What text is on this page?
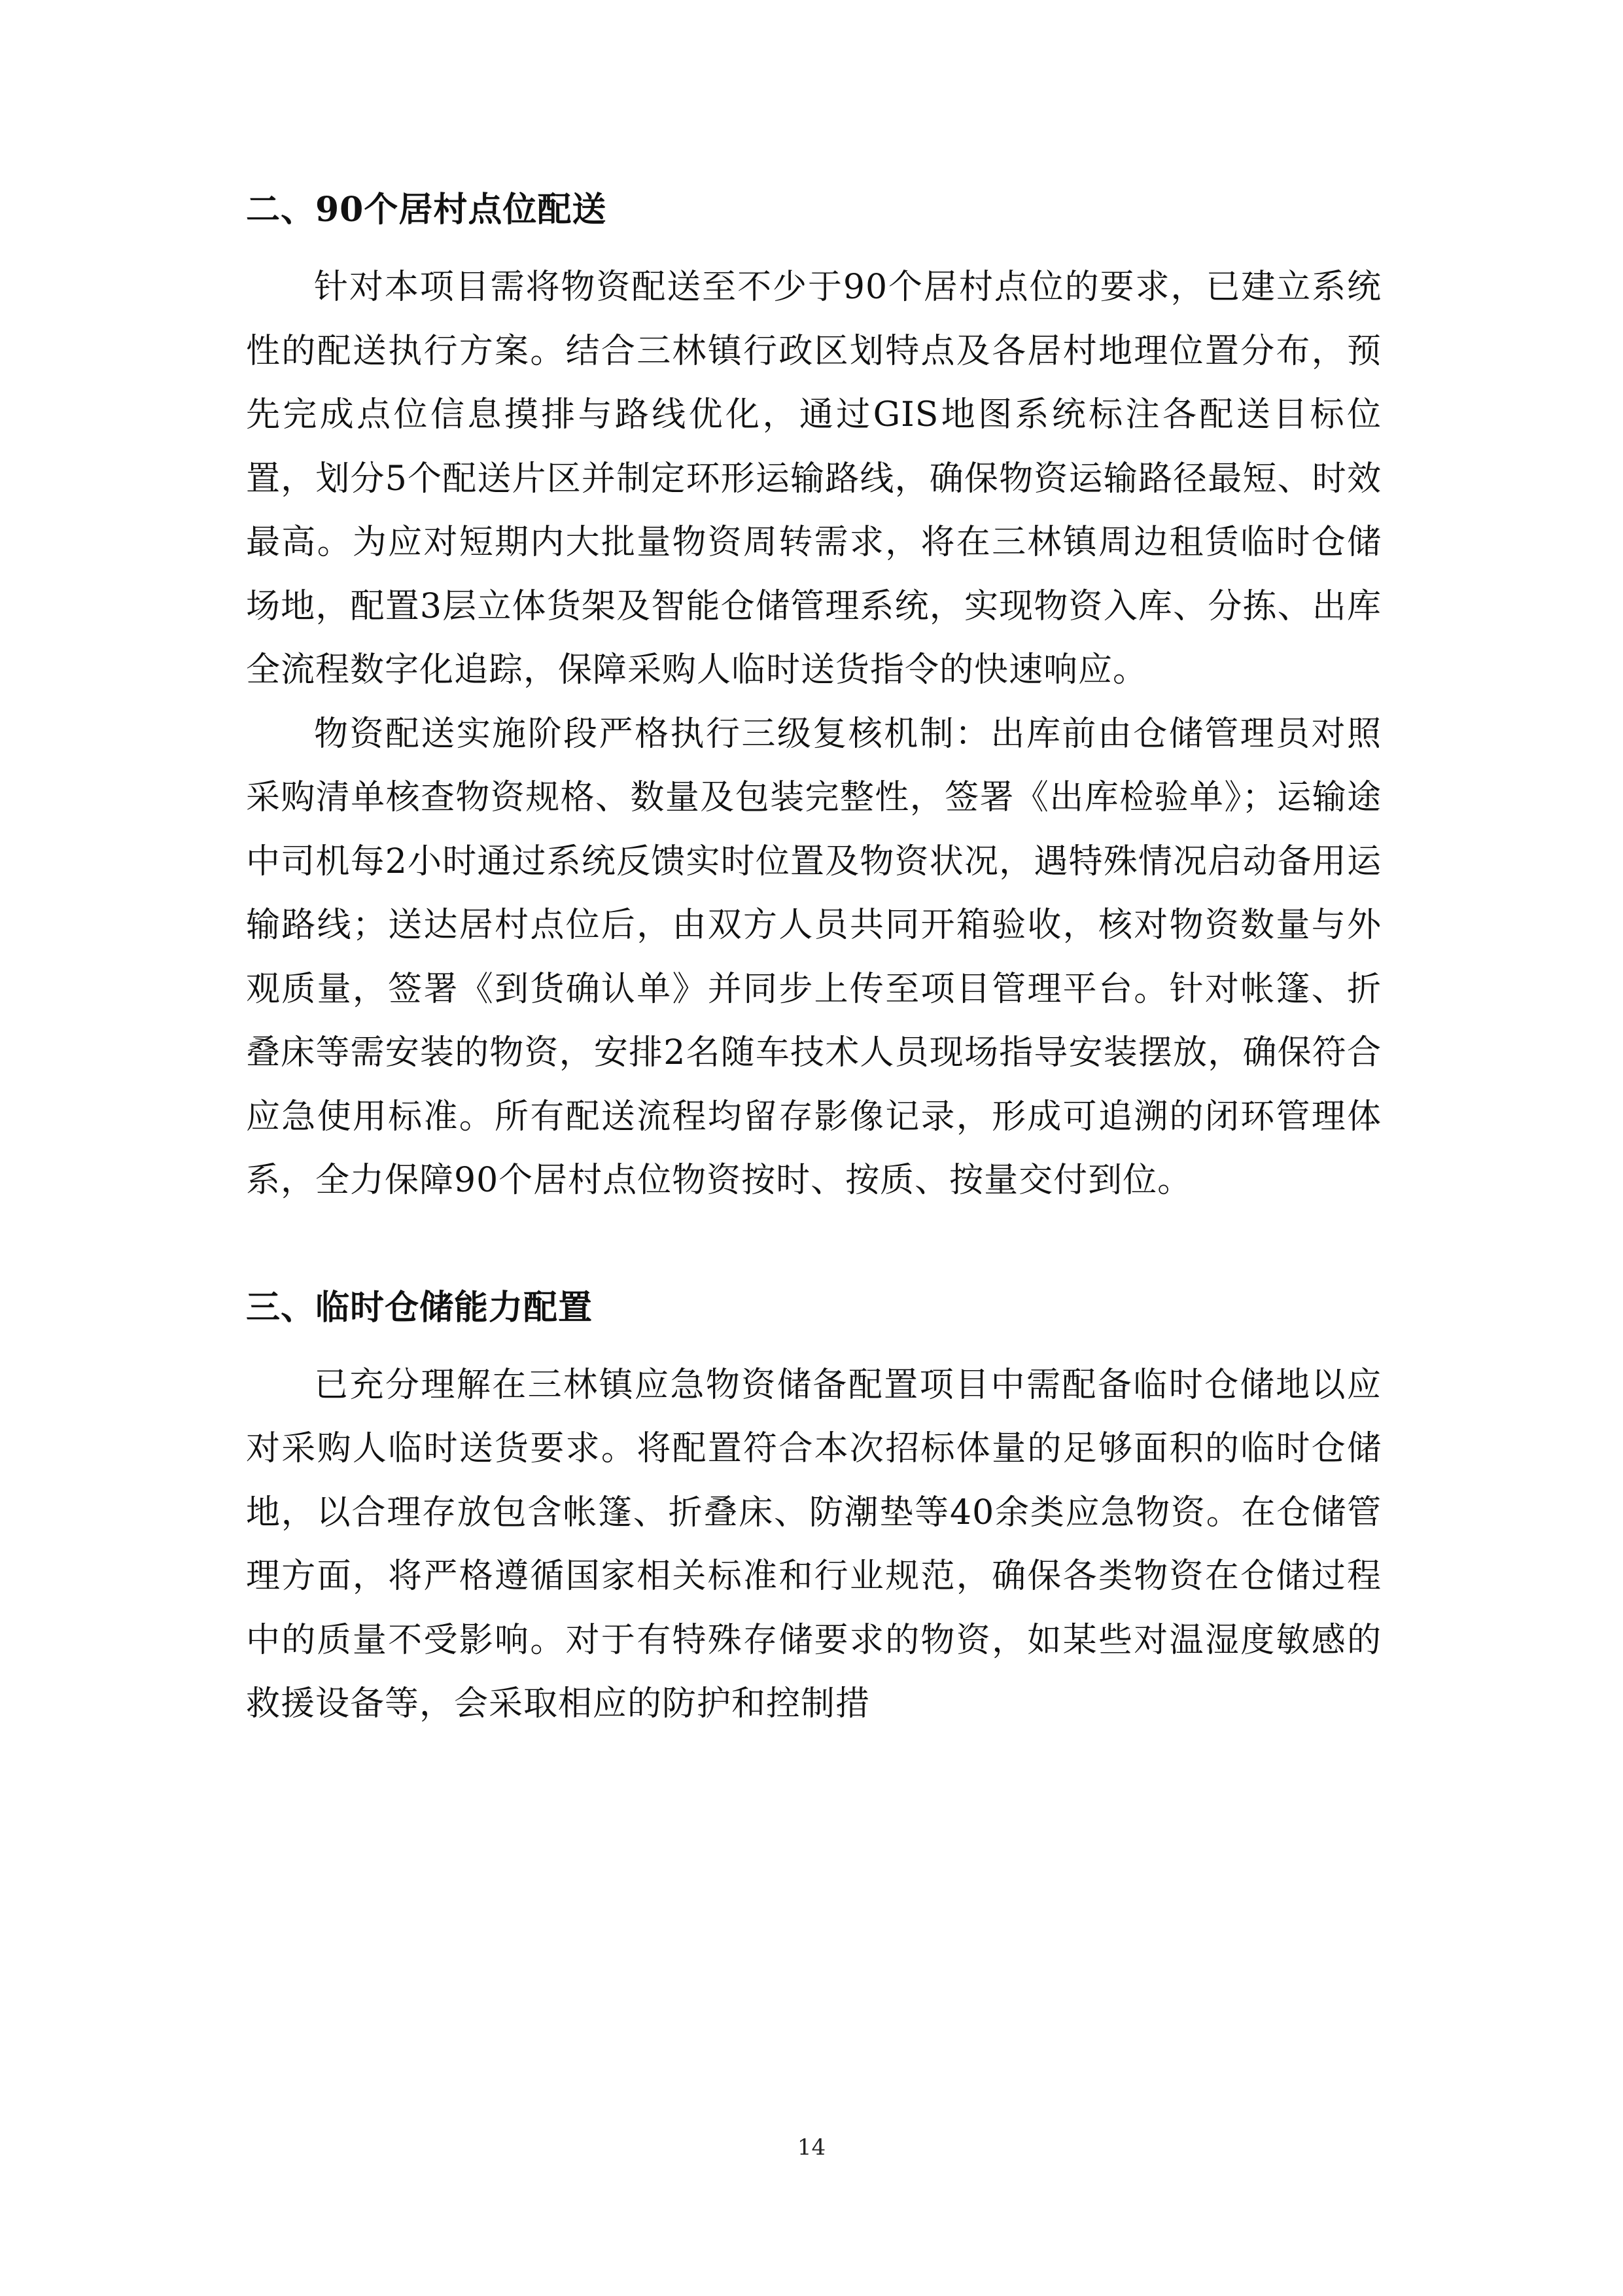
二、90个居村点位配送

针对本项目需将物资配送至不少于90个居村点位的要求，已建立系统性的配送执行方案。结合三林镇行政区划特点及各居村地理位置分布，预先完成点位信息摸排与路线优化，通过GIS地图系统标注各配送目标位置，划分5个配送片区并制定环形运输路线，确保物资运输路径最短、时效最高。为应对短期内大批量物资周转需求，将在三林镇周边租赁临时仓储场地，配置3层立体货架及智能仓储管理系统，实现物资入库、分拣、出库全流程数字化追踪，保障采购人临时送货指令的快速响应。

物资配送实施阶段严格执行三级复核机制：出库前由仓储管理员对照采购清单核查物资规格、数量及包装完整性，签署《出库检验单》；运输途中司机每2小时通过系统反馈实时位置及物资状况，遇特殊情况启动备用运输路线；送达居村点位后，由双方人员共同开箱验收，核对物资数量与外观质量，签署《到货确认单》并同步上传至项目管理平台。针对帐篷、折叠床等需安装的物资，安排2名随车技术人员现场指导安装摆放，确保符合应急使用标准。所有配送流程均留存影像记录，形成可追溯的闭环管理体系，全力保障90个居村点位物资按时、按质、按量交付到位。

三、临时仓储能力配置

已充分理解在三林镇应急物资储备配置项目中需配备临时仓储地以应对采购人临时送货要求。将配置符合本次招标体量的足够面积的临时仓储地，以合理存放包含帐篷、折叠床、防潮垫等40余类应急物资。在仓储管理方面，将严格遵循国家相关标准和行业规范，确保各类物资在仓储过程中的质量不受影响。对于有特殊存储要求的物资，如某些对温湿度敏感的救援设备等，会采取相应的防护和控制措

14
